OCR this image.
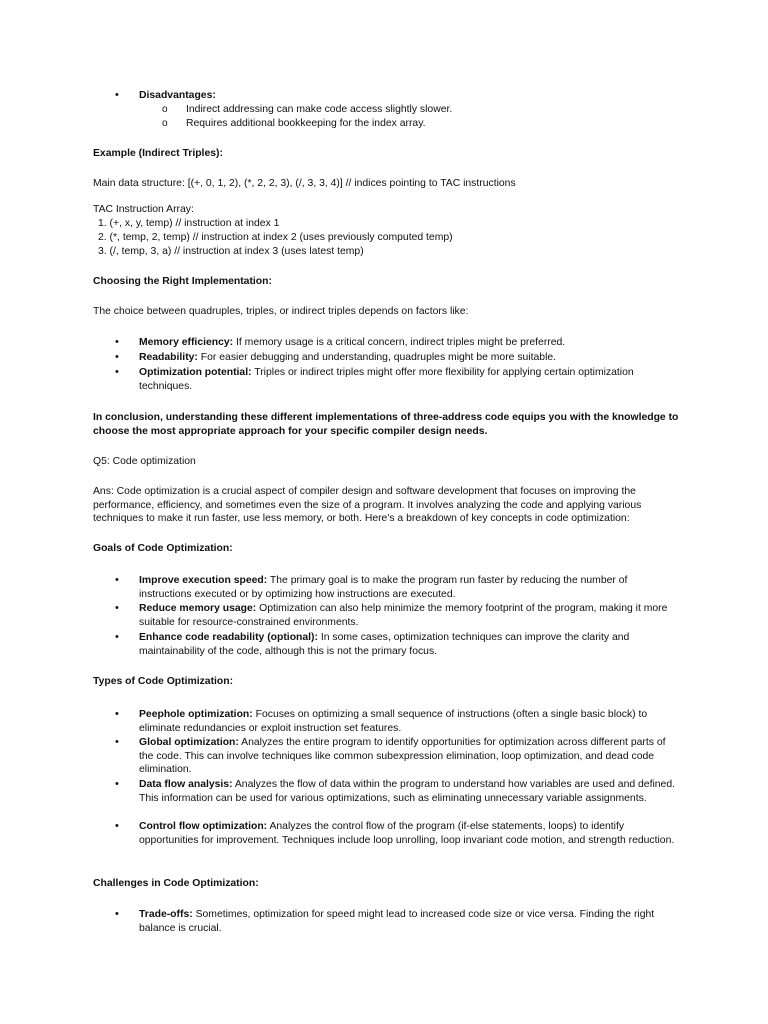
•	Disadvantages:
o Indirect addressing can make code access slightly slower.
o Requires additional bookkeeping for the index array.
Example (Indirect Triples):
Main data structure: [(+, 0, 1, 2), (*, 2, 2, 3), (/, 3, 3, 4)] // indices pointing to TAC instructions
TAC Instruction Array:
1. (+, x, y, temp) // instruction at index 1
2. (*, temp, 2, temp) // instruction at index 2 (uses previously computed temp)
3. (/, temp, 3, a) // instruction at index 3 (uses latest temp)
Choosing the Right Implementation:
The choice between quadruples, triples, or indirect triples depends on factors like:
•	Memory efficiency: If memory usage is a critical concern, indirect triples might be preferred.
•	Readability: For easier debugging and understanding, quadruples might be more suitable.
•	Optimization potential: Triples or indirect triples might offer more flexibility for applying certain optimization techniques.
In conclusion, understanding these different implementations of three-address code equips you with the knowledge to choose the most appropriate approach for your specific compiler design needs.
Q5: Code optimization
Ans: Code optimization is a crucial aspect of compiler design and software development that focuses on improving the performance, efficiency, and sometimes even the size of a program. It involves analyzing the code and applying various techniques to make it run faster, use less memory, or both. Here's a breakdown of key concepts in code optimization:
Goals of Code Optimization:
•	Improve execution speed: The primary goal is to make the program run faster by reducing the number of instructions executed or by optimizing how instructions are executed.
•	Reduce memory usage: Optimization can also help minimize the memory footprint of the program, making it more suitable for resource-constrained environments.
•	Enhance code readability (optional): In some cases, optimization techniques can improve the clarity and maintainability of the code, although this is not the primary focus.
Types of Code Optimization:
•	Peephole optimization: Focuses on optimizing a small sequence of instructions (often a single basic block) to eliminate redundancies or exploit instruction set features.
•	Global optimization: Analyzes the entire program to identify opportunities for optimization across different parts of the code. This can involve techniques like common subexpression elimination, loop optimization, and dead code elimination.
•	Data flow analysis: Analyzes the flow of data within the program to understand how variables are used and defined. This information can be used for various optimizations, such as eliminating unnecessary variable assignments.
•	Control flow optimization: Analyzes the control flow of the program (if-else statements, loops) to identify opportunities for improvement. Techniques include loop unrolling, loop invariant code motion, and strength reduction.
Challenges in Code Optimization:
•	Trade-offs: Sometimes, optimization for speed might lead to increased code size or vice versa. Finding the right balance is crucial.
